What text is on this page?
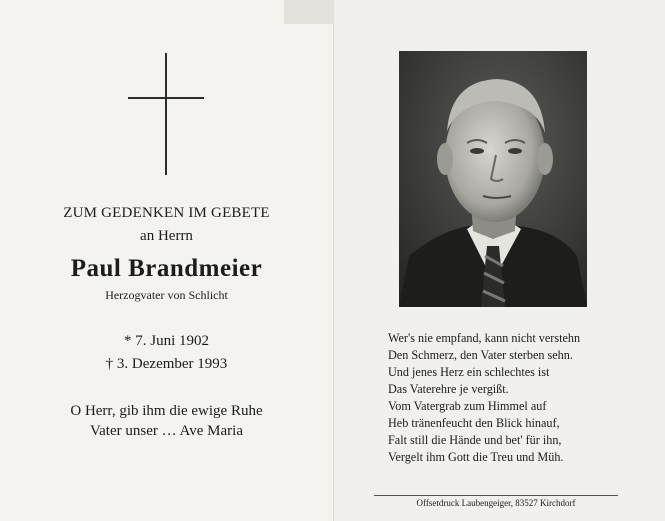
ZUM GEDENKEN IM GEBETE
an Herrn
Paul Brandmeier
Herzogvater von Schlicht
* 7. Juni 1902
† 3. Dezember 1993
O Herr, gib ihm die ewige Ruhe
Vater unser … Ave Maria
Wer's nie empfand, kann nicht verstehn
Den Schmerz, den Vater sterben sehn.
Und jenes Herz ein schlechtes ist
Das Vaterehre je vergißt.
Vom Vatergrab zum Himmel auf
Heb tränenfeucht den Blick hinauf,
Falt still die Hände und bet' für ihn,
Vergelt ihm Gott die Treu und Müh.
Offsetdruck Laubengeiger, 83527 Kirchdorf
